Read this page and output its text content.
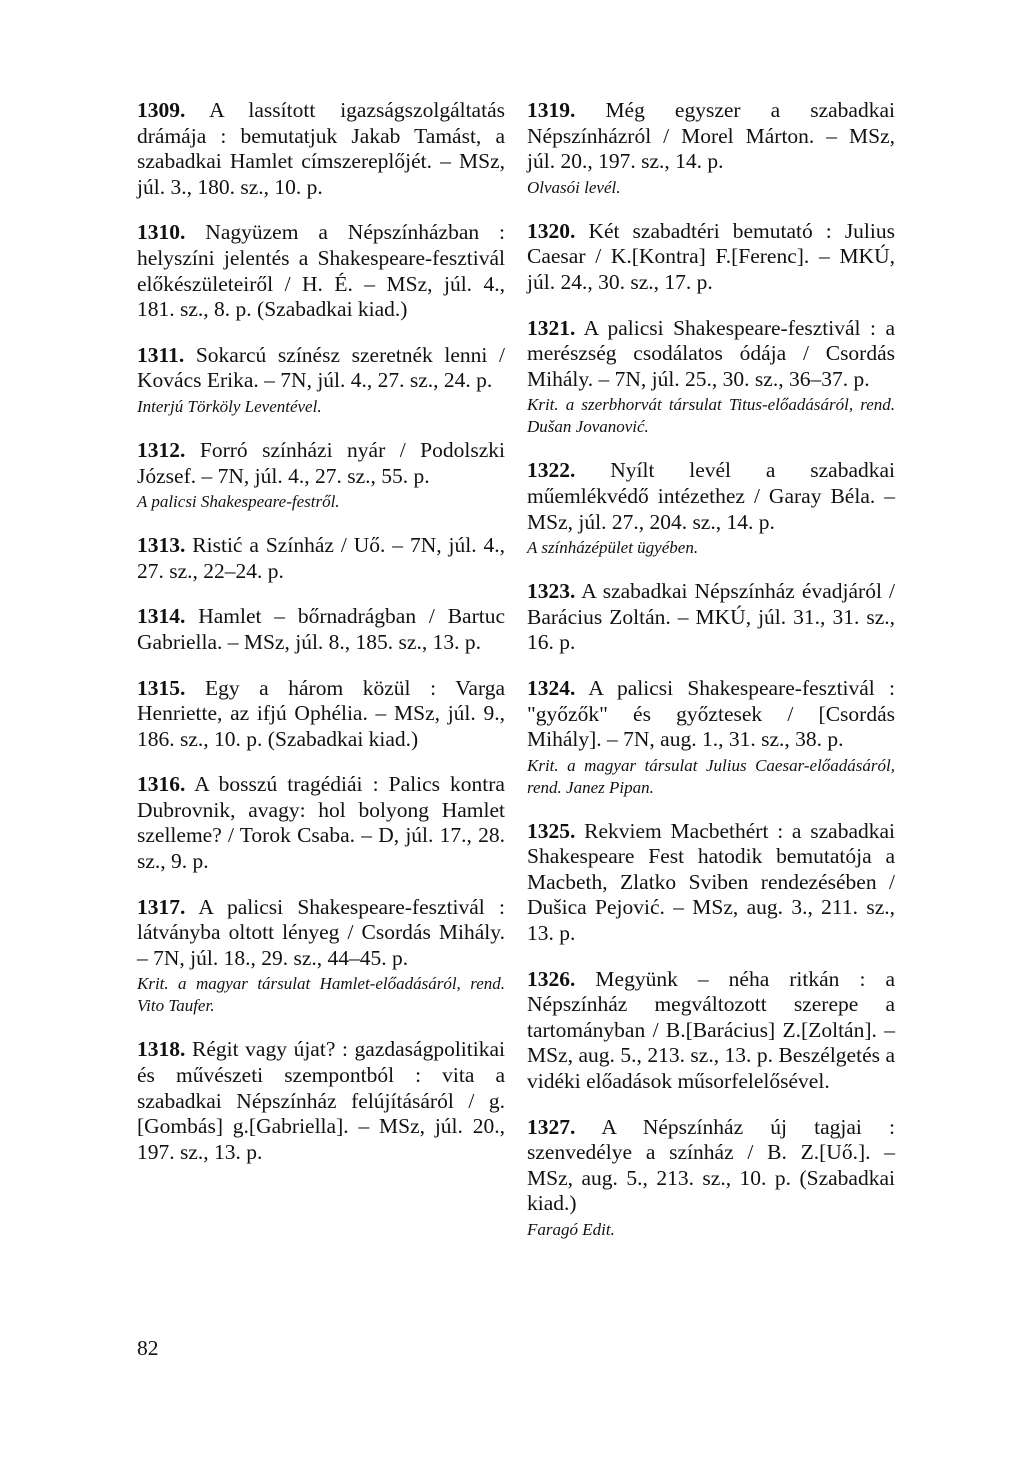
1309. A lassított igazságszolgáltatás drámája : bemutatjuk Jakab Tamást, a szabadkai Hamlet címszereplőjét. – MSz, júl. 3., 180. sz., 10. p.

1310. Nagyüzem a Népszínházban : helyszíni jelentés a Shakespeare-fesztivál előkészületeiről / H. É. – MSz, júl. 4., 181. sz., 8. p. (Szabadkai kiad.)

1311. Sokarcú színész szeretnék lenni / Kovács Erika. – 7N, júl. 4., 27. sz., 24. p.

Interjú Törköly Leventével.

1312. Forró színházi nyár / Podolszki József. – 7N, júl. 4., 27. sz., 55. p.

A palicsi Shakespeare-festről.

1313. Ristić a Színház / Uő. – 7N, júl. 4., 27. sz., 22–24. p.

1314. Hamlet – bőrnadrágban / Bartuc Gabriella. – MSz, júl. 8., 185. sz., 13. p.

1315. Egy a három közül : Varga Henriette, az ifjú Ophélia. – MSz, júl. 9., 186. sz., 10. p. (Szabadkai kiad.)

1316. A bosszú tragédiái : Palics kontra Dubrovnik, avagy: hol bolyong Hamlet szelleme? / Torok Csaba. – D, júl. 17., 28. sz., 9. p.

1317. A palicsi Shakespeare-fesztivál : látványba oltott lényeg / Csordás Mihály. – 7N, júl. 18., 29. sz., 44–45. p.

Krit. a magyar társulat Hamlet-előadásáról, rend. Vito Taufer.

1318. Régit vagy újat? : gazdaságpolitikai és művészeti szempontból : vita a szabadkai Népszínház felújításáról / g.[Gombás] g.[Gabriella]. – MSz, júl. 20., 197. sz., 13. p.

1319. Még egyszer a szabadkai Népszínházról / Morel Márton. – MSz, júl. 20., 197. sz., 14. p.

Olvasói levél.

1320. Két szabadtéri bemutató : Julius Caesar / K.[Kontra] F.[Ferenc]. – MKÚ, júl. 24., 30. sz., 17. p.

1321. A palicsi Shakespeare-fesztivál : a merészség csodálatos ódája / Csordás Mihály. – 7N, júl. 25., 30. sz., 36–37. p.

Krit. a szerbhorvát társulat Titus-előadásáról, rend. Dušan Jovanović.

1322. Nyílt levél a szabadkai műemlékvédő intézethez / Garay Béla. – MSz, júl. 27., 204. sz., 14. p.

A színházépület ügyében.

1323. A szabadkai Népszínház évadjáról / Barácius Zoltán. – MKÚ, júl. 31., 31. sz., 16. p.

1324. A palicsi Shakespeare-fesztivál : "győzők" és győztesek / [Csordás Mihály]. – 7N, aug. 1., 31. sz., 38. p.

Krit. a magyar társulat Julius Caesar-előadásáról, rend. Janez Pipan.

1325. Rekviem Macbethért : a szabadkai Shakespeare Fest hatodik bemutatója a Macbeth, Zlatko Sviben rendezésében / Dušica Pejović. – MSz, aug. 3., 211. sz., 13. p.

1326. Megyünk – néha ritkán : a Népszínház megváltozott szerepe a tartományban / B.[Barácius] Z.[Zoltán]. – MSz, aug. 5., 213. sz., 13. p. Beszélgetés a vidéki előadások műsorfelelősével.

1327. A Népszínház új tagjai : szenvedélye a színház / B. Z.[Uő.]. – MSz, aug. 5., 213. sz., 10. p. (Szabadkai kiad.)

Faragó Edit.

82
